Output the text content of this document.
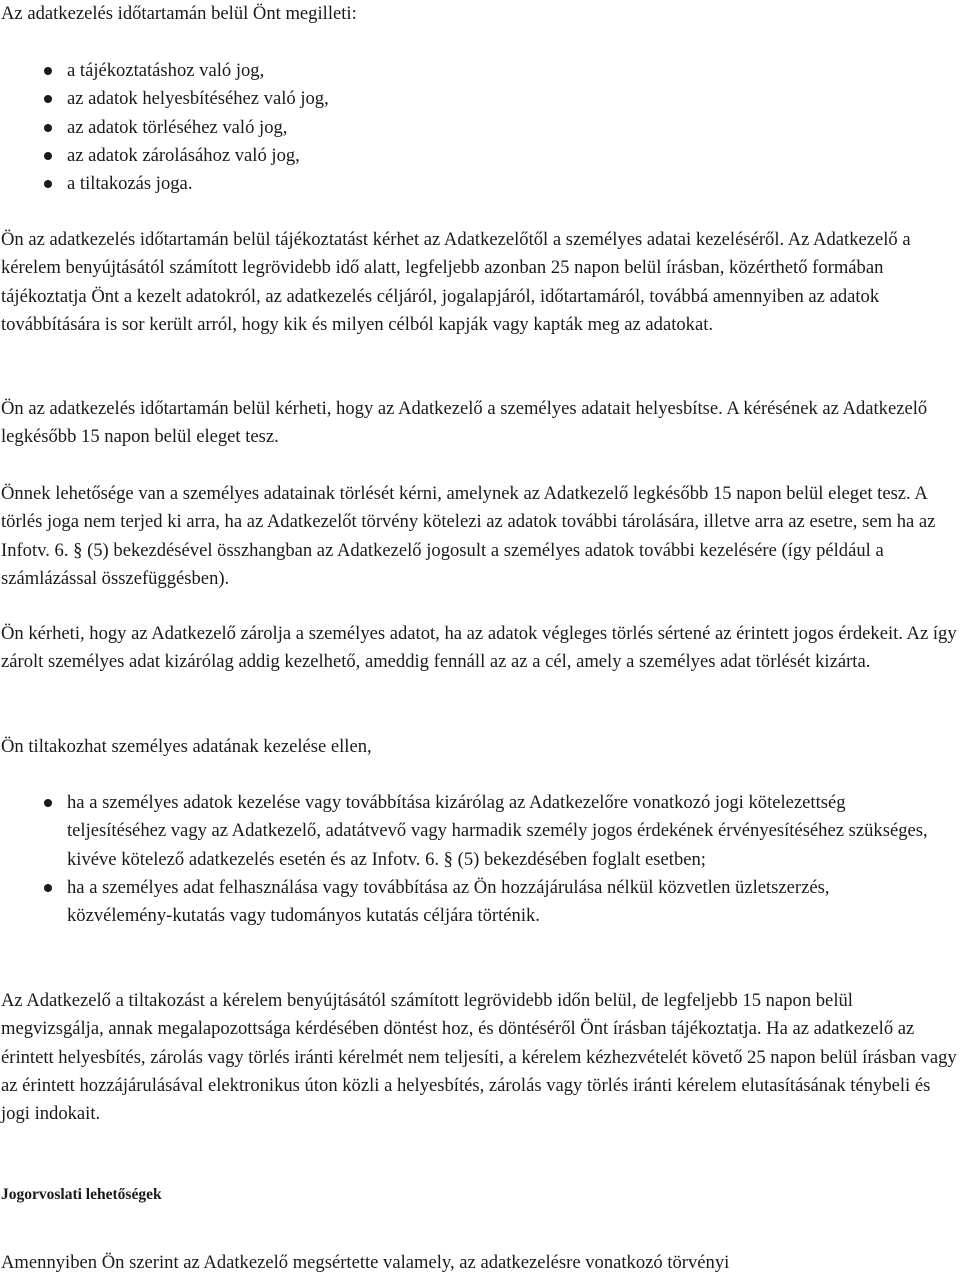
Az adatkezelés időtartamán belül Önt megilleti:

a tájékoztatáshoz való jog,
az adatok helyesbítéséhez való jog,
az adatok törléséhez való jog,
az adatok zárolásához való jog,
a tiltakozás joga.

Ön az adatkezelés időtartamán belül tájékoztatást kérhet az Adatkezelőtől a személyes adatai kezeléséről. Az Adatkezelő a kérelem benyújtásától számított legrövidebb idő alatt, legfeljebb azonban 25 napon belül írásban, közérthető formában tájékoztatja Önt a kezelt adatokról, az adatkezelés céljáról, jogalapjáról, időtartamáról, továbbá amennyiben az adatok továbbítására is sor került arról, hogy kik és milyen célból kapják vagy kapták meg az adatokat.

Ön az adatkezelés időtartamán belül kérheti, hogy az Adatkezelő a személyes adatait helyesbítse. A kérésének az Adatkezelő legkésőbb 15 napon belül eleget tesz.

Önnek lehetősége van a személyes adatainak törlését kérni, amelynek az Adatkezelő legkésőbb 15 napon belül eleget tesz. A törlés joga nem terjed ki arra, ha az Adatkezelőt törvény kötelezi az adatok további tárolására, illetve arra az esetre, sem ha az Infotv. 6. § (5) bekezdésével összhangban az Adatkezelő jogosult a személyes adatok további kezelésére (így például a számlázással összefüggésben).

Ön kérheti, hogy az Adatkezelő zárolja a személyes adatot, ha az adatok végleges törlés sértené az érintett jogos érdekeit. Az így zárolt személyes adat kizárólag addig kezelhető, ameddig fennáll az az a cél, amely a személyes adat törlését kizárta.

Ön tiltakozhat személyes adatának kezelése ellen,

ha a személyes adatok kezelése vagy továbbítása kizárólag az Adatkezelőre vonatkozó jogi kötelezettség teljesítéséhez vagy az Adatkezelő, adatátvevő vagy harmadik személy jogos érdekének érvényesítéséhez szükséges, kivéve kötelező adatkezelés esetén és az Infotv. 6. § (5) bekezdésében foglalt esetben;
ha a személyes adat felhasználása vagy továbbítása az Ön hozzájárulása nélkül közvetlen üzletszerzés, közvélemény-kutatás vagy tudományos kutatás céljára történik.

Az Adatkezelő a tiltakozást a kérelem benyújtásától számított legrövidebb időn belül, de legfeljebb 15 napon belül megvizsgálja, annak megalapozottsága kérdésében döntést hoz, és döntéséről Önt írásban tájékoztatja. Ha az adatkezelő az érintett helyesbítés, zárolás vagy törlés iránti kérelmét nem teljesíti, a kérelem kézhezvételét követő 25 napon belül írásban vagy az érintett hozzájárulásával elektronikus úton közli a helyesbítés, zárolás vagy törlés iránti kérelem elutasításának ténybeli és jogi indokait.

Jogorvoslati lehetőségek

Amennyiben Ön szerint az Adatkezelő megsértette valamely, az adatkezelésre vonatkozó törvényi
